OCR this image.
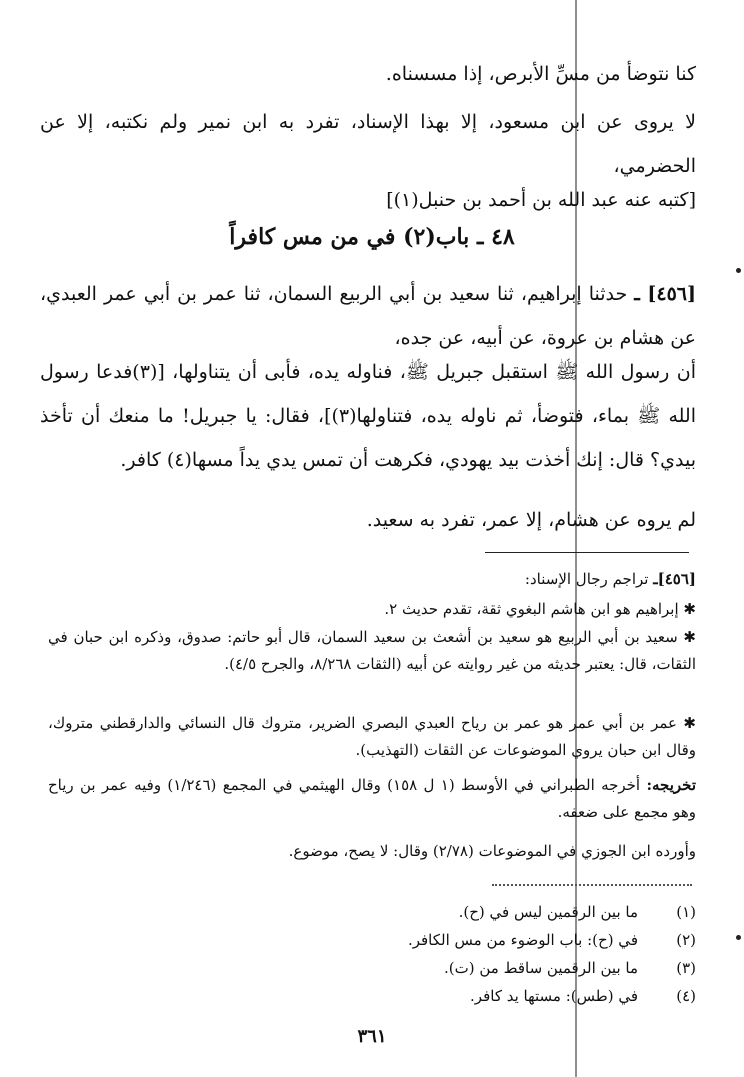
كنا نتوضأ من مسِّ الأبرص، إذا مسسناه.
لا يروى عن ابن مسعود، إلا بهذا الإسناد، تفرد به ابن نمير ولم نكتبه، إلا عن الحضرمي،
[كتبه عنه عبد الله بن أحمد بن حنبل(١)]
٤٨ ـ باب(٢) في من مس كافراً
[٤٥٦] ـ حدثنا إبراهيم، ثنا سعيد بن أبي الربيع السمان، ثنا عمر بن أبي عمر العبدي، عن هشام بن عروة، عن أبيه، عن جده،
أن رسول الله ﷺ استقبل جبريل ﷺ، فناوله يده، فأبى أن يتناولها، [(٣)فدعا رسول الله ﷺ بماء، فتوضأ، ثم ناوله يده، فتناولها(٣)]، فقال: يا جبريل! ما منعك أن تأخذ بيدي؟ قال: إنك أخذت بيد يهودي، فكرهت أن تمس يدي يداً مسها(٤) كافر.
لم يروه عن هشام، إلا عمر، تفرد به سعيد.
[٤٥٦]ـ تراجم رجال الإسناد:
✱ إبراهيم هو ابن هاشم البغوي ثقة، تقدم حديث ٢.
✱ سعيد بن أبي الربيع هو سعيد بن أشعث بن سعيد السمان، قال أبو حاتم: صدوق، وذكره ابن حبان في الثقات، قال: يعتبر حديثه من غير روايته عن أبيه (الثقات ٨/٢٦٨، والجرح ٤/٥).
✱ عمر بن أبي عمر هو عمر بن رياح العبدي البصري الضرير، متروك قال النسائي والدارقطني متروك، وقال ابن حبان يروي الموضوعات عن الثقات (التهذيب).
تخريجه: أخرجه الطبراني في الأوسط (١ ل ١٥٨) وقال الهيثمي في المجمع (١/٢٤٦) وفيه عمر بن رياح وهو مجمع على ضعفه.
وأورده ابن الجوزي في الموضوعات (٢/٧٨) وقال: لا يصح، موضوع.
(١)
ما بين الرقمين ليس في (ح).
(٢)
في (ح): باب الوضوء من مس الكافر.
(٣)
ما بين الرقمين ساقط من (ت).
(٤)
في (طس): مستها يد كافر.
٣٦١
